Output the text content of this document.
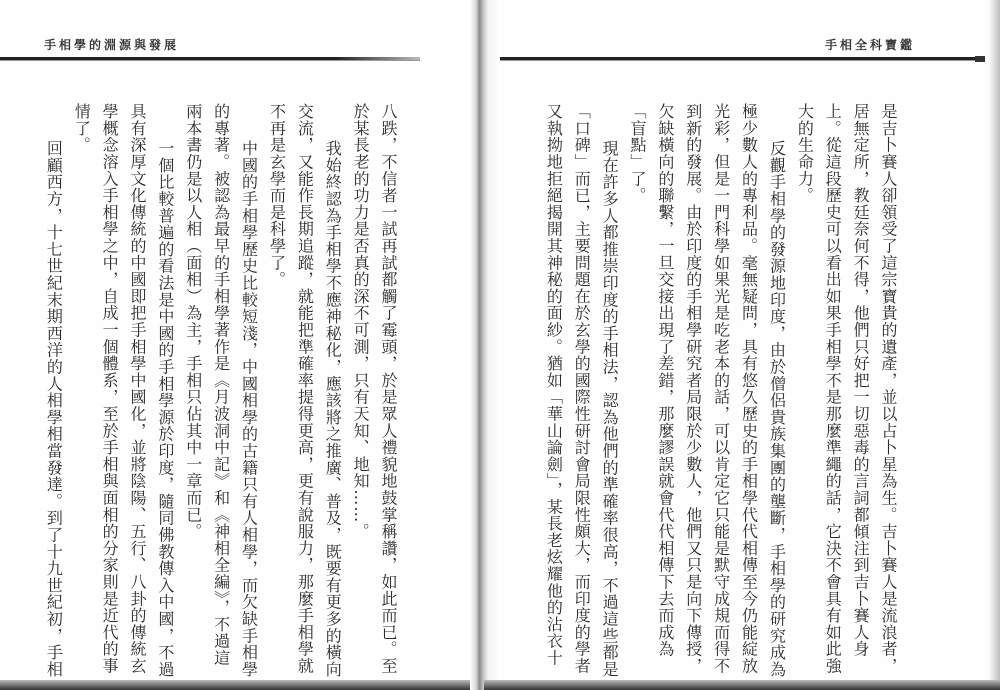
手相學的淵源與發展	手相全科寶鑑
八跌，不信者一試再試都觸了霉頭，於是眾人禮貌地鼓掌稱讚，如此而已。至
於某長老的功力是否真的深不可測，只有天知、地知……。
我始終認為手相學不應神秘化，應該將之推廣、普及，既要有更多的橫向
交流，又能作長期追蹤，就能把準確率提得更高，更有說服力，那麼手相學就
不再是玄學而是科學了。
中國的手相學歷史比較短淺，中國相學的古籍只有人相學，而欠缺手相學
的專著。被認為最早的手相學著作是《月波洞中記》和《神相全編》，不過這
兩本書仍是以人相（面相）為主，手相只佔其中一章而已。
一個比較普遍的看法是中國的手相學源於印度，隨同佛教傳入中國，不過
具有深厚文化傳統的中國即把手相學中國化，並將陰陽、五行、八卦的傳統玄
學概念溶入手相學之中，自成一個體系，至於手相與面相的分家則是近代的事
情了。
回顧西方，十七世紀末期西洋的人相學相當發達。到了十九世紀初，手相	是吉卜賽人卻領受了這宗寶貴的遺產，並以占卜星為生。吉卜賽人是流浪者，
居無定所，教廷奈何不得，他們只好把一切惡毒的言詞都傾注到吉卜賽人身
上。從這段歷史可以看出如果手相學不是那麼準繩的話，它決不會具有如此強
大的生命力。
反觀手相學的發源地印度，由於僧侶貴族集團的壟斷，手相學的研究成為
極少數人的專利品。毫無疑問，具有悠久歷史的手相學代代相傳至今仍能綻放
光彩，但是一門科學如果光是吃老本的話，可以肯定它只能是默守成規而得不
到新的發展。由於印度的手相學研究者局限於少數人，他們又只是向下傳授，
欠缺橫向的聯繫，一旦交接出現了差錯，那麼謬誤就會代代相傳下去而成為
「盲點」了。
現在許多人都推崇印度的手相法，認為他們的準確率很高，不過這些都是
「口碑」而已，主要問題在於玄學的國際性研討會局限性頗大，而印度的學者
又執拗地拒絕揭開其神秘的面紗。猶如「華山論劍」，某長老炫耀他的沾衣十
